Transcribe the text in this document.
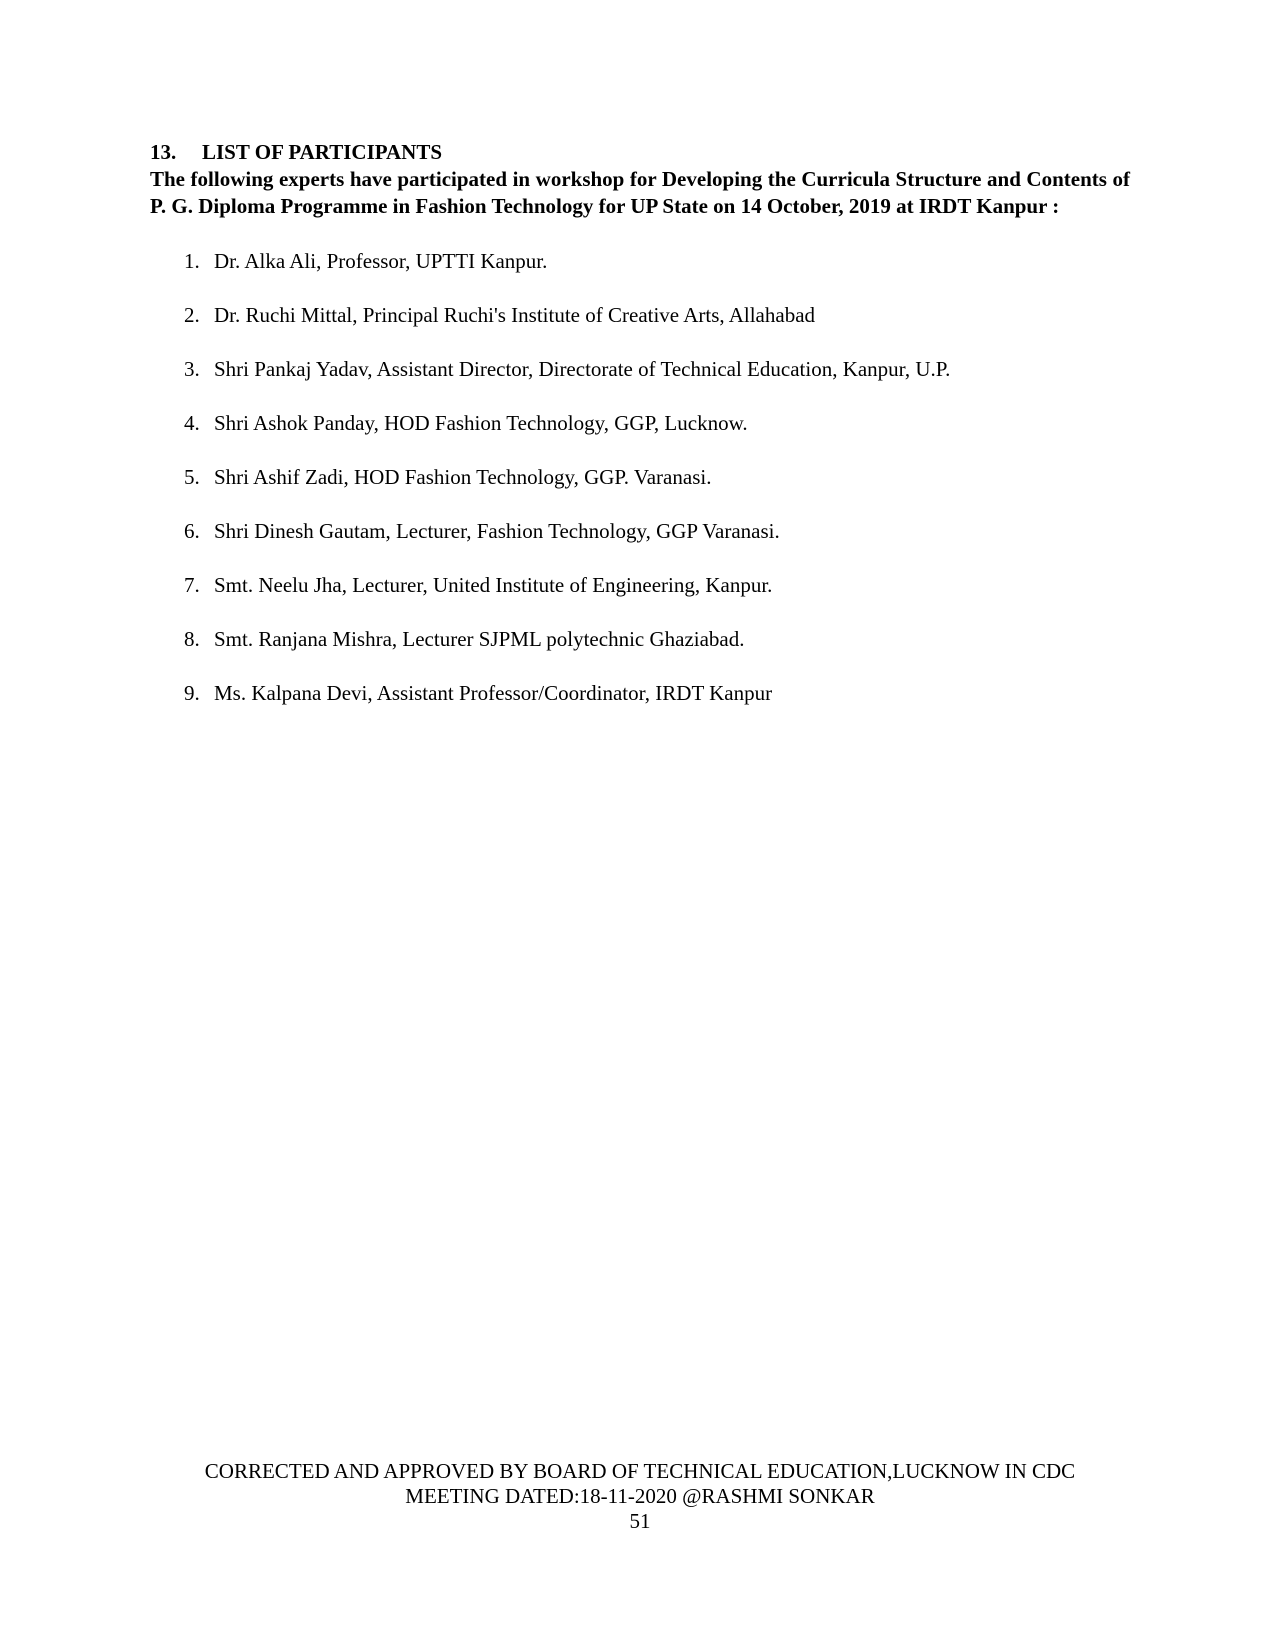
13. LIST OF PARTICIPANTS

The following experts have participated in workshop for Developing the Curricula Structure and Contents of P. G. Diploma Programme in Fashion Technology for UP State on 14 October, 2019 at IRDT Kanpur :

1. Dr. Alka Ali, Professor, UPTTI Kanpur.
2. Dr. Ruchi Mittal, Principal Ruchi's Institute of Creative Arts, Allahabad
3. Shri Pankaj Yadav, Assistant Director, Directorate of Technical Education, Kanpur, U.P.
4. Shri Ashok Panday, HOD Fashion Technology, GGP, Lucknow.
5. Shri Ashif Zadi, HOD Fashion Technology, GGP. Varanasi.
6. Shri Dinesh Gautam, Lecturer, Fashion Technology, GGP Varanasi.
7. Smt. Neelu Jha, Lecturer, United Institute of Engineering, Kanpur.
8. Smt. Ranjana Mishra, Lecturer SJPML polytechnic Ghaziabad.
9. Ms. Kalpana Devi, Assistant Professor/Coordinator, IRDT Kanpur
CORRECTED AND APPROVED BY BOARD OF TECHNICAL EDUCATION,LUCKNOW IN CDC
MEETING DATED:18-11-2020 @RASHMI SONKAR
51
